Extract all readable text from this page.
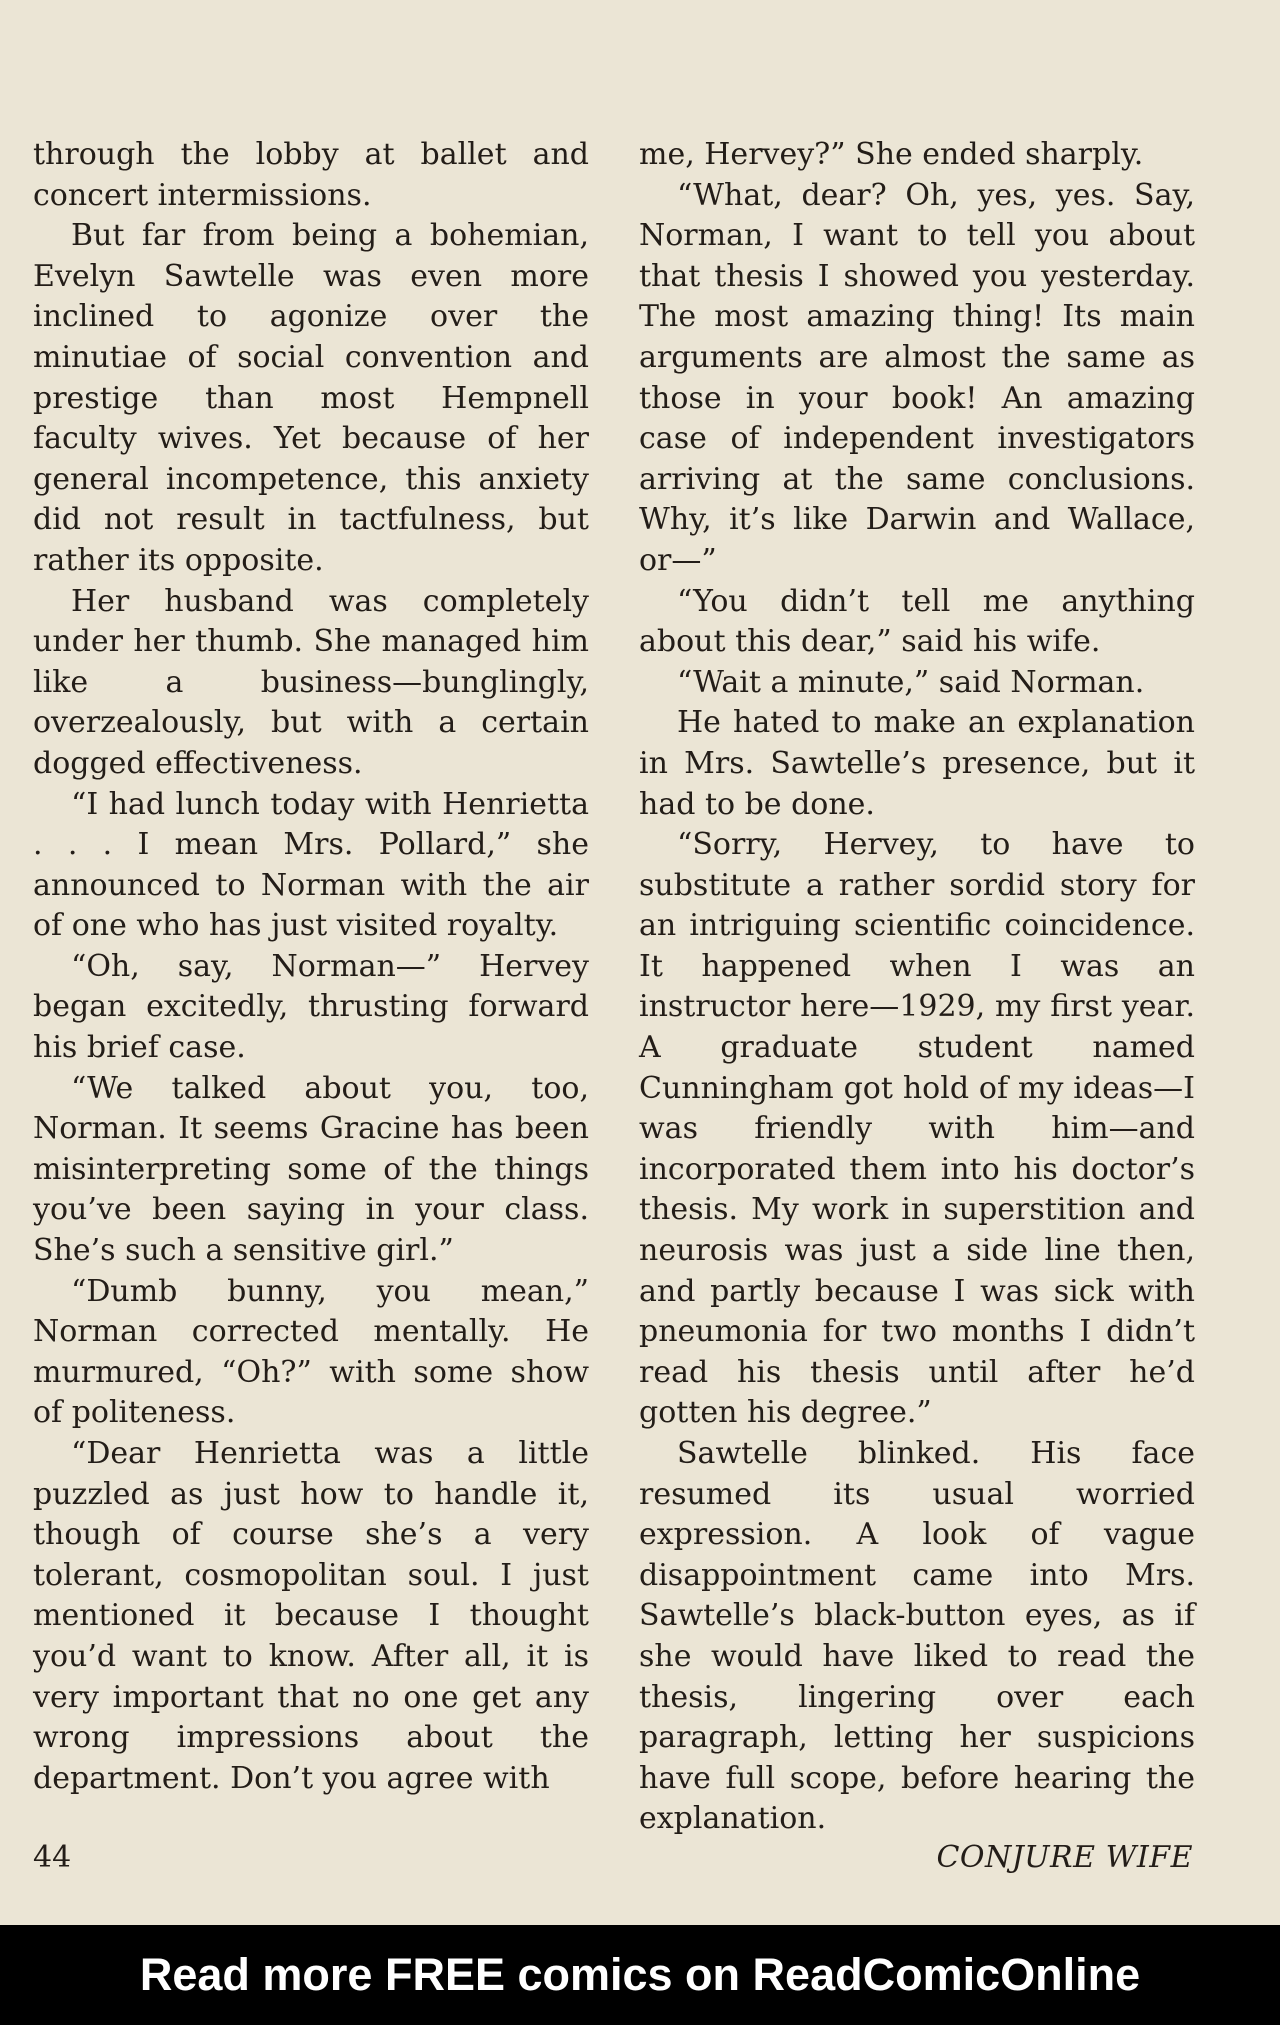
through the lobby at ballet and concert intermissions.

But far from being a bohemian, Evelyn Sawtelle was even more inclined to agonize over the minutiae of social convention and prestige than most Hempnell faculty wives. Yet because of her general incompetence, this anxiety did not result in tactfulness, but rather its opposite.

Her husband was completely under her thumb. She managed him like a business—bunglingly, overzealously, but with a certain dogged effectiveness.

“I had lunch today with Henrietta . . . I mean Mrs. Pollard,” she announced to Norman with the air of one who has just visited royalty.

“Oh, say, Norman—” Hervey began excitedly, thrusting forward his brief case.

“We talked about you, too, Norman. It seems Gracine has been misinterpreting some of the things you’ve been saying in your class. She’s such a sensitive girl.”

“Dumb bunny, you mean,” Norman corrected mentally. He murmured, “Oh?” with some show of politeness.

“Dear Henrietta was a little puzzled as just how to handle it, though of course she’s a very tolerant, cosmopolitan soul. I just mentioned it because I thought you’d want to know. After all, it is very important that no one get any wrong impressions about the department. Don’t you agree with

me, Hervey?” She ended sharply.

“What, dear? Oh, yes, yes. Say, Norman, I want to tell you about that thesis I showed you yesterday. The most amazing thing! Its main arguments are almost the same as those in your book! An amazing case of independent investigators arriving at the same conclusions. Why, it’s like Darwin and Wallace, or—”

“You didn’t tell me anything about this dear,” said his wife.

“Wait a minute,” said Norman.

He hated to make an explanation in Mrs. Sawtelle’s presence, but it had to be done.

“Sorry, Hervey, to have to substitute a rather sordid story for an intriguing scientific coincidence. It happened when I was an instructor here—1929, my first year. A graduate student named Cunningham got hold of my ideas—I was friendly with him—and incorporated them into his doctor’s thesis. My work in superstition and neurosis was just a side line then, and partly because I was sick with pneumonia for two months I didn’t read his thesis until after he’d gotten his degree.”

Sawtelle blinked. His face resumed its usual worried expression. A look of vague disappointment came into Mrs. Sawtelle’s black-button eyes, as if she would have liked to read the thesis, lingering over each paragraph, letting her suspicions have full scope, before hearing the explanation.

44	CONJURE WIFE
Read more FREE comics on ReadComicOnline
